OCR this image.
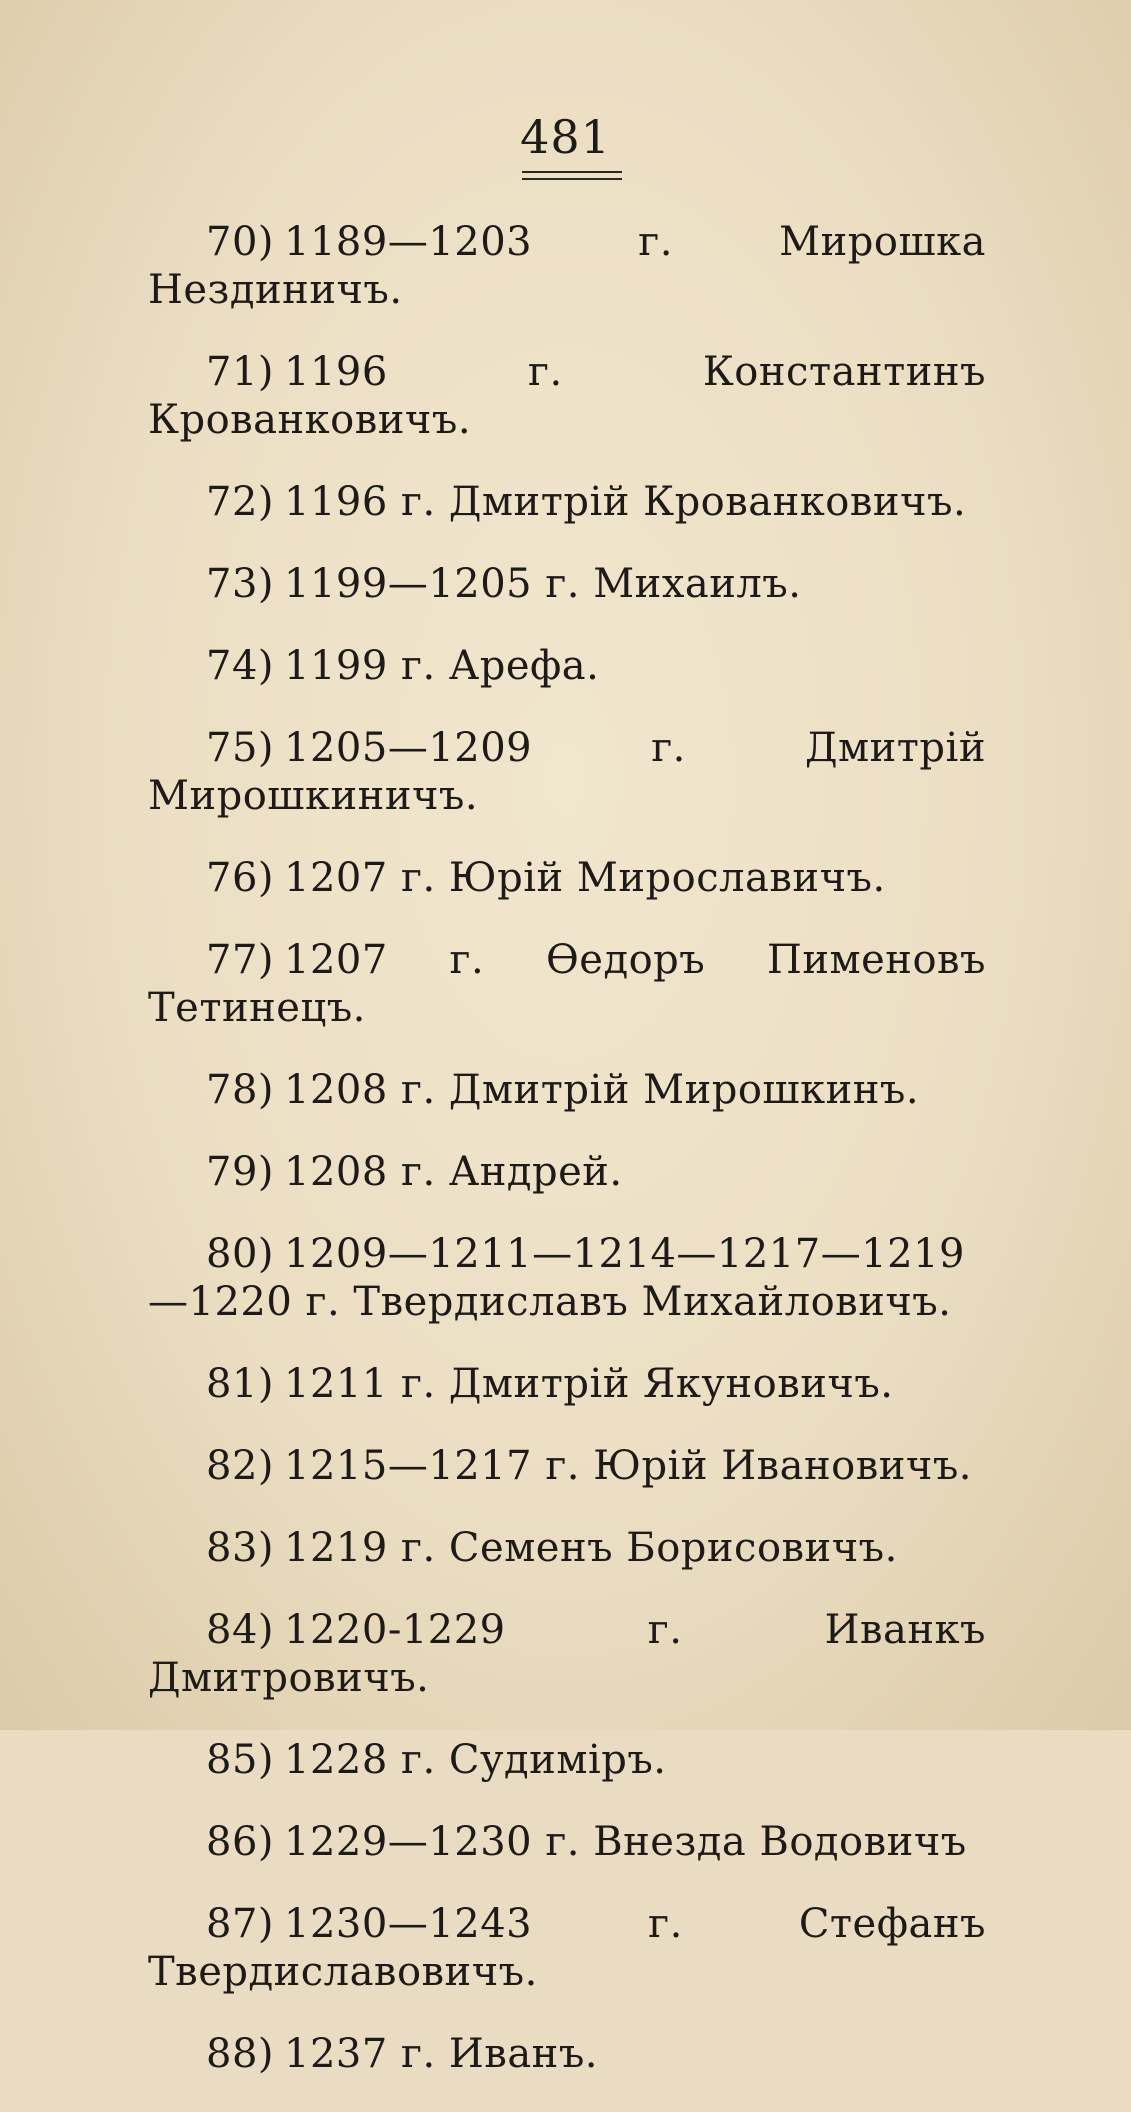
481

70) 1189—1203 г. Мирошка Нездиничъ.

71) 1196 г. Константинъ Крованковичъ.

72) 1196 г. Дмитрій Крованковичъ.

73) 1199—1205 г. Михаилъ.

74) 1199 г. Арефа.

75) 1205—1209 г. Дмитрій Мирошкиничъ.

76) 1207 г. Юрій Мирославичъ.

77) 1207 г. Өедоръ Пименовъ Тетинецъ.

78) 1208 г. Дмитрій Мирошкинъ.

79) 1208 г. Андрей.

80) 1209—1211—1214—1217—1219—1220 г. Твердиславъ Михайловичъ.

81) 1211 г. Дмитрій Якуновичъ.

82) 1215—1217 г. Юрій Ивановичъ.

83) 1219 г. Семенъ Борисовичъ.

84) 1220-1229 г. Иванкъ Дмитровичъ.

85) 1228 г. Судиміръ.

86) 1229—1230 г. Внезда Водовичъ

87) 1230—1243 г. Стефанъ Твердиславовичъ.

88) 1237 г. Иванъ.
